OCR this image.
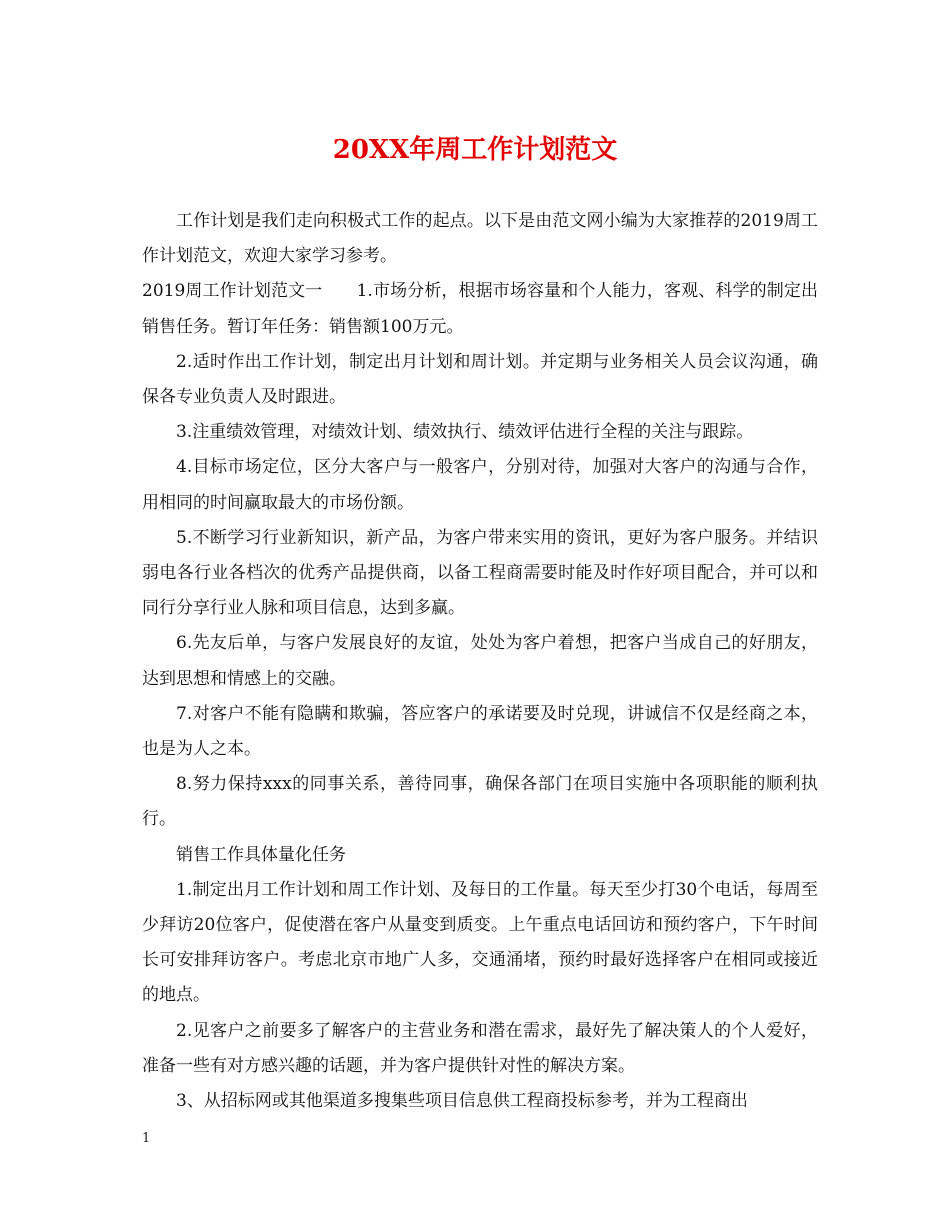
20XX年周工作计划范文

工作计划是我们走向积极式工作的起点。以下是由范文网小编为大家推荐的2019周工作计划范文，欢迎大家学习参考。

2019周工作计划范文一　　1.市场分析，根据市场容量和个人能力，客观、科学的制定出销售任务。暂订年任务：销售额100万元。

2.适时作出工作计划，制定出月计划和周计划。并定期与业务相关人员会议沟通，确保各专业负责人及时跟进。

3.注重绩效管理，对绩效计划、绩效执行、绩效评估进行全程的关注与跟踪。

4.目标市场定位，区分大客户与一般客户，分别对待，加强对大客户的沟通与合作，用相同的时间赢取最大的市场份额。

5.不断学习行业新知识，新产品，为客户带来实用的资讯，更好为客户服务。并结识弱电各行业各档次的优秀产品提供商，以备工程商需要时能及时作好项目配合，并可以和同行分享行业人脉和项目信息，达到多赢。

6.先友后单，与客户发展良好的友谊，处处为客户着想，把客户当成自己的好朋友，达到思想和情感上的交融。

7.对客户不能有隐瞒和欺骗，答应客户的承诺要及时兑现，讲诚信不仅是经商之本，也是为人之本。

8.努力保持xxx的同事关系，善待同事，确保各部门在项目实施中各项职能的顺利执行。

销售工作具体量化任务

1.制定出月工作计划和周工作计划、及每日的工作量。每天至少打30个电话，每周至少拜访20位客户，促使潜在客户从量变到质变。上午重点电话回访和预约客户，下午时间长可安排拜访客户。考虑北京市地广人多，交通涌堵，预约时最好选择客户在相同或接近的地点。

2.见客户之前要多了解客户的主营业务和潜在需求，最好先了解决策人的个人爱好，准备一些有对方感兴趣的话题，并为客户提供针对性的解决方案。

3、从招标网或其他渠道多搜集些项目信息供工程商投标参考，并为工程商出

1
